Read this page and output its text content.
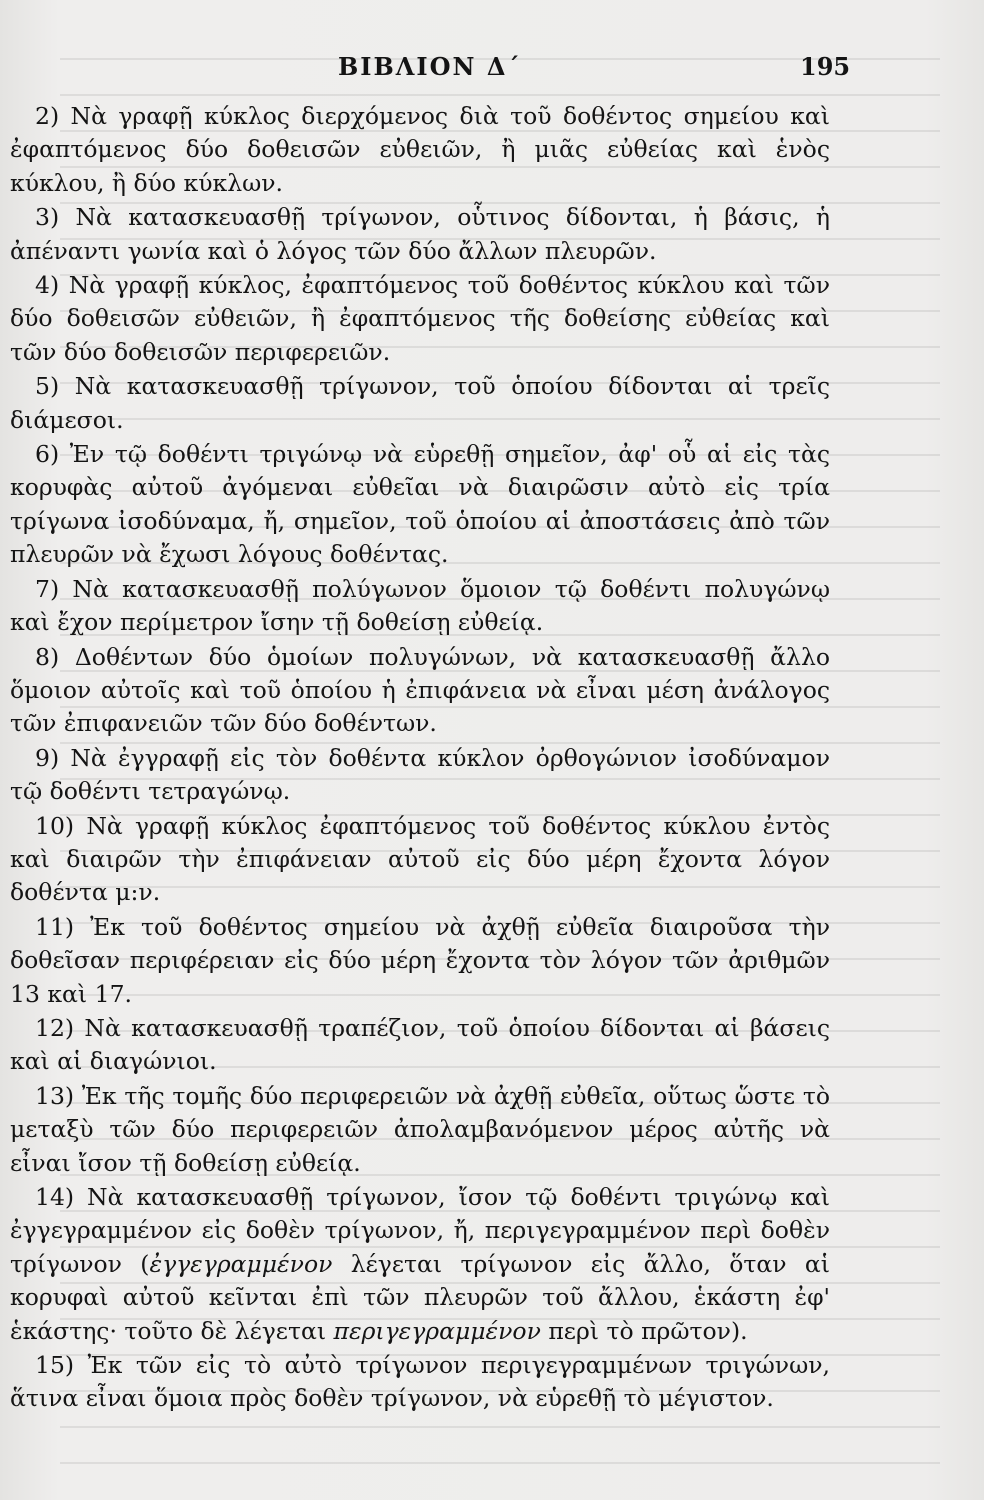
ΒΙΒΛΙΟΝ Δ΄	195

2) Νὰ γραφῇ κύκλος διερχόμενος διὰ τοῦ δοθέντος σημείου καὶ ἐφαπτόμενος δύο δοθεισῶν εὐθειῶν, ἢ μιᾶς εὐθείας καὶ ἑνὸς κύκλου, ἢ δύο κύκλων.

3) Νὰ κατασκευασθῇ τρίγωνον, οὗτινος δίδονται, ἡ βάσις, ἡ ἀπέναντι γωνία καὶ ὁ λόγος τῶν δύο ἄλλων πλευρῶν.

4) Νὰ γραφῇ κύκλος, ἐφαπτόμενος τοῦ δοθέντος κύκλου καὶ τῶν δύο δοθεισῶν εὐθειῶν, ἢ ἐφαπτόμενος τῆς δοθείσης εὐθείας καὶ τῶν δύο δοθεισῶν περιφερειῶν.

5) Νὰ κατασκευασθῇ τρίγωνον, τοῦ ὁποίου δίδονται αἱ τρεῖς διάμεσοι.

6) Ἐν τῷ δοθέντι τριγώνῳ νὰ εὑρεθῇ σημεῖον, ἀφ' οὗ αἱ εἰς τὰς κορυφὰς αὐτοῦ ἀγόμεναι εὐθεῖαι νὰ διαιρῶσιν αὐτὸ εἰς τρία τρίγωνα ἰσοδύναμα, ἤ, σημεῖον, τοῦ ὁποίου αἱ ἀποστάσεις ἀπὸ τῶν πλευρῶν νὰ ἔχωσι λόγους δοθέντας.

7) Νὰ κατασκευασθῇ πολύγωνον ὅμοιον τῷ δοθέντι πολυγώνῳ καὶ ἔχον περίμετρον ἴσην τῇ δοθείσῃ εὐθείᾳ.

8) Δοθέντων δύο ὁμοίων πολυγώνων, νὰ κατασκευασθῇ ἄλλο ὅμοιον αὐτοῖς καὶ τοῦ ὁποίου ἡ ἐπιφάνεια νὰ εἶναι μέση ἀνάλογος τῶν ἐπιφανειῶν τῶν δύο δοθέντων.

9) Νὰ ἐγγραφῇ εἰς τὸν δοθέντα κύκλον ὀρθογώνιον ἰσοδύναμον τῷ δοθέντι τετραγώνῳ.

10) Νὰ γραφῇ κύκλος ἐφαπτόμενος τοῦ δοθέντος κύκλου ἐντὸς καὶ διαιρῶν τὴν ἐπιφάνειαν αὐτοῦ εἰς δύο μέρη ἔχοντα λόγον δοθέντα μ:ν.

11) Ἐκ τοῦ δοθέντος σημείου νὰ ἀχθῇ εὐθεῖα διαιροῦσα τὴν δοθεῖσαν περιφέρειαν εἰς δύο μέρη ἔχοντα τὸν λόγον τῶν ἀριθμῶν 13 καὶ 17.

12) Νὰ κατασκευασθῇ τραπέζιον, τοῦ ὁποίου δίδονται αἱ βάσεις καὶ αἱ διαγώνιοι.

13) Ἐκ τῆς τομῆς δύο περιφερειῶν νὰ ἀχθῇ εὐθεῖα, οὕτως ὥστε τὸ μεταξὺ τῶν δύο περιφερειῶν ἀπολαμβανόμενον μέρος αὐτῆς νὰ εἶναι ἴσον τῇ δοθείσῃ εὐθείᾳ.

14) Νὰ κατασκευασθῇ τρίγωνον, ἴσον τῷ δοθέντι τριγώνῳ καὶ ἐγγεγραμμένον εἰς δοθὲν τρίγωνον, ἤ, περιγεγραμμένον περὶ δοθὲν τρίγωνον (ἐγγεγραμμένον λέγεται τρίγωνον εἰς ἄλλο, ὅταν αἱ κορυφαὶ αὐτοῦ κεῖνται ἐπὶ τῶν πλευρῶν τοῦ ἄλλου, ἑκάστη ἐφ' ἑκάστης· τοῦτο δὲ λέγεται περιγεγραμμένον περὶ τὸ πρῶτον).

15) Ἐκ τῶν εἰς τὸ αὐτὸ τρίγωνον περιγεγραμμένων τριγώνων, ἅτινα εἶναι ὅμοια πρὸς δοθὲν τρίγωνον, νὰ εὑρεθῇ τὸ μέγιστον.
